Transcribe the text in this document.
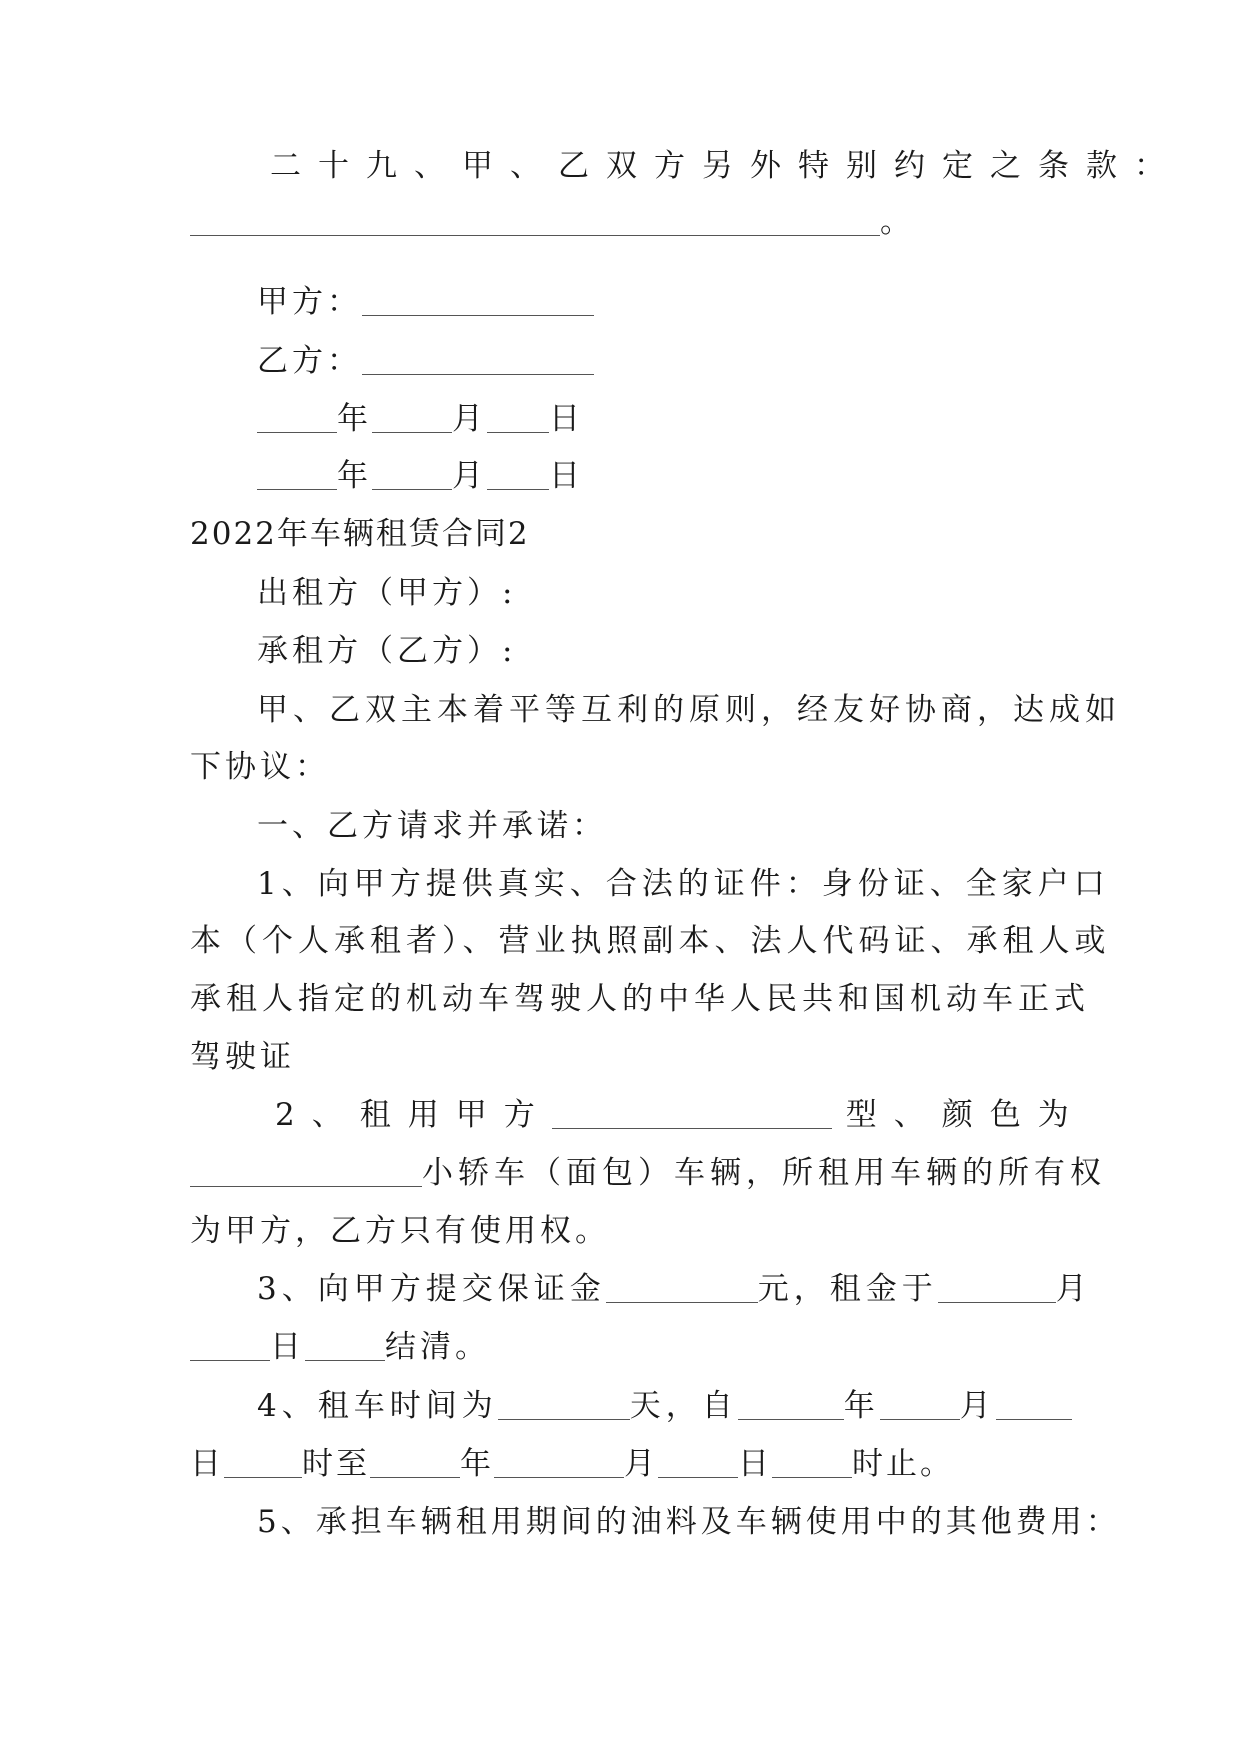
二十九、甲、乙双方另外特别约定之条款：
。
甲方：
乙方：
年	月 日
年	月 日
2022年车辆租赁合同2
出租方（甲方）:
承租方（乙方）:
甲、乙双主本着平等互利的原则，经友好协商，达成如
下协议：
一、乙方请求并承诺：
1、向甲方提供真实、合法的证件：身份证、全家户口
本（个人承租者）、营业执照副本、法人代码证、承租人或
承租人指定的机动车驾驶人的中华人民共和国机动车正式
驾驶证
2、租用甲方	型、颜色为
小轿车（面包）车辆，所租用车辆的所有权
为甲方，乙方只有使用权。
3、向甲方提交保证金	元，租金于	月
日	结清。
4、租车时间为	天，自	年	月
日	时至	年	月	日	时止。
5、承担车辆租用期间的油料及车辆使用中的其他费用：
